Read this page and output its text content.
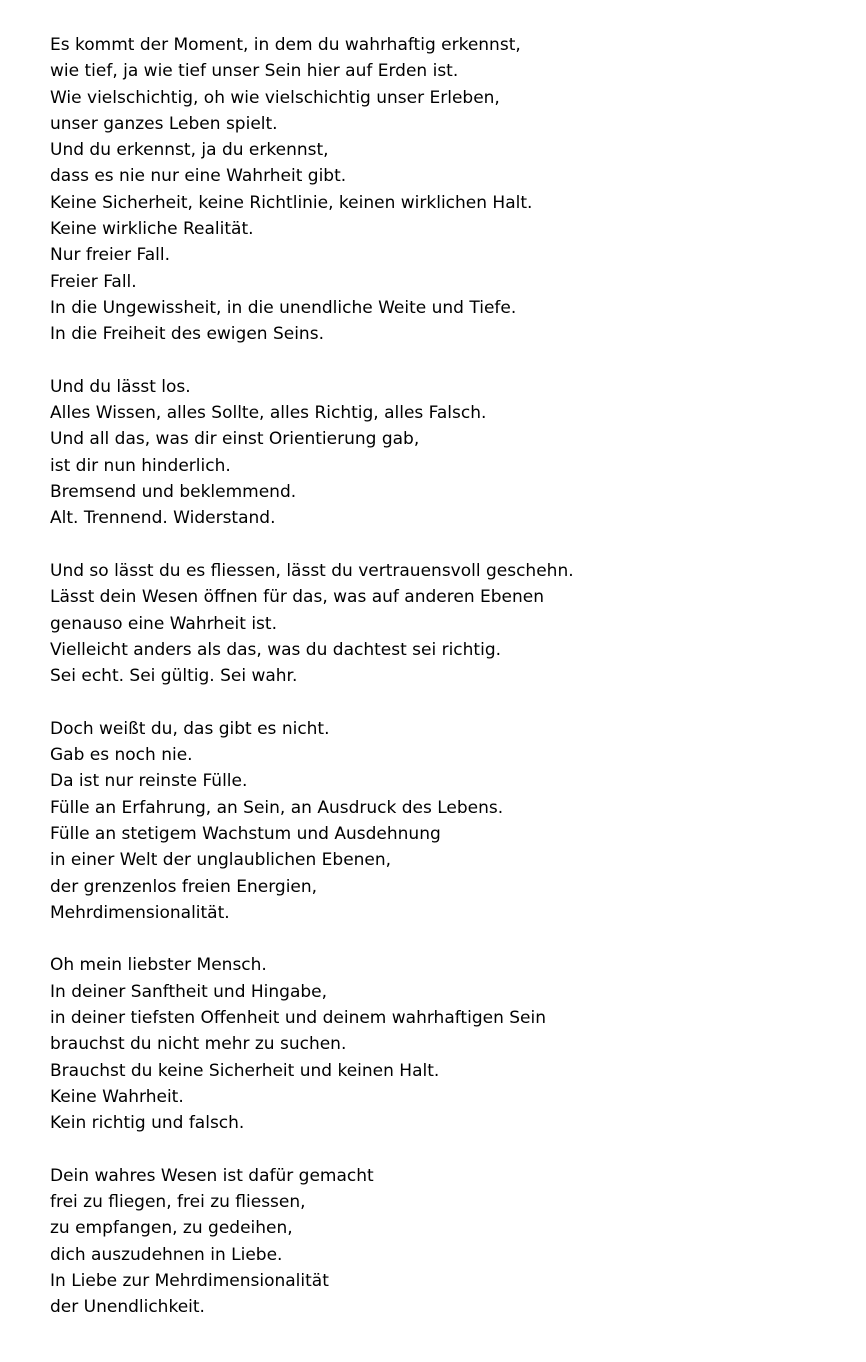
Es kommt der Moment, in dem du wahrhaftig erkennst,
wie tief, ja wie tief unser Sein hier auf Erden ist.
Wie vielschichtig, oh wie vielschichtig unser Erleben,
unser ganzes Leben spielt.
Und du erkennst, ja du erkennst,
dass es nie nur eine Wahrheit gibt.
Keine Sicherheit, keine Richtlinie, keinen wirklichen Halt.
Keine wirkliche Realität.
Nur freier Fall.
Freier Fall.
In die Ungewissheit, in die unendliche Weite und Tiefe.
In die Freiheit des ewigen Seins.
Und du lässt los.
Alles Wissen, alles Sollte, alles Richtig, alles Falsch.
Und all das, was dir einst Orientierung gab,
ist dir nun hinderlich.
Bremsend und beklemmend.
Alt. Trennend. Widerstand.
Und so lässt du es fliessen, lässt du vertrauensvoll geschehn.
Lässt dein Wesen öffnen für das, was auf anderen Ebenen
genauso eine Wahrheit ist.
Vielleicht anders als das, was du dachtest sei richtig.
Sei echt. Sei gültig. Sei wahr.
Doch weißt du, das gibt es nicht.
Gab es noch nie.
Da ist nur reinste Fülle.
Fülle an Erfahrung, an Sein, an Ausdruck des Lebens.
Fülle an stetigem Wachstum und Ausdehnung
in einer Welt der unglaublichen Ebenen,
der grenzenlos freien Energien,
Mehrdimensionalität.
Oh mein liebster Mensch.
In deiner Sanftheit und Hingabe,
in deiner tiefsten Offenheit und deinem wahrhaftigen Sein
brauchst du nicht mehr zu suchen.
Brauchst du keine Sicherheit und keinen Halt.
Keine Wahrheit.
Kein richtig und falsch.
Dein wahres Wesen ist dafür gemacht
frei zu fliegen, frei zu fliessen,
zu empfangen, zu gedeihen,
dich auszudehnen in Liebe.
In Liebe zur Mehrdimensionalität
der Unendlichkeit.
